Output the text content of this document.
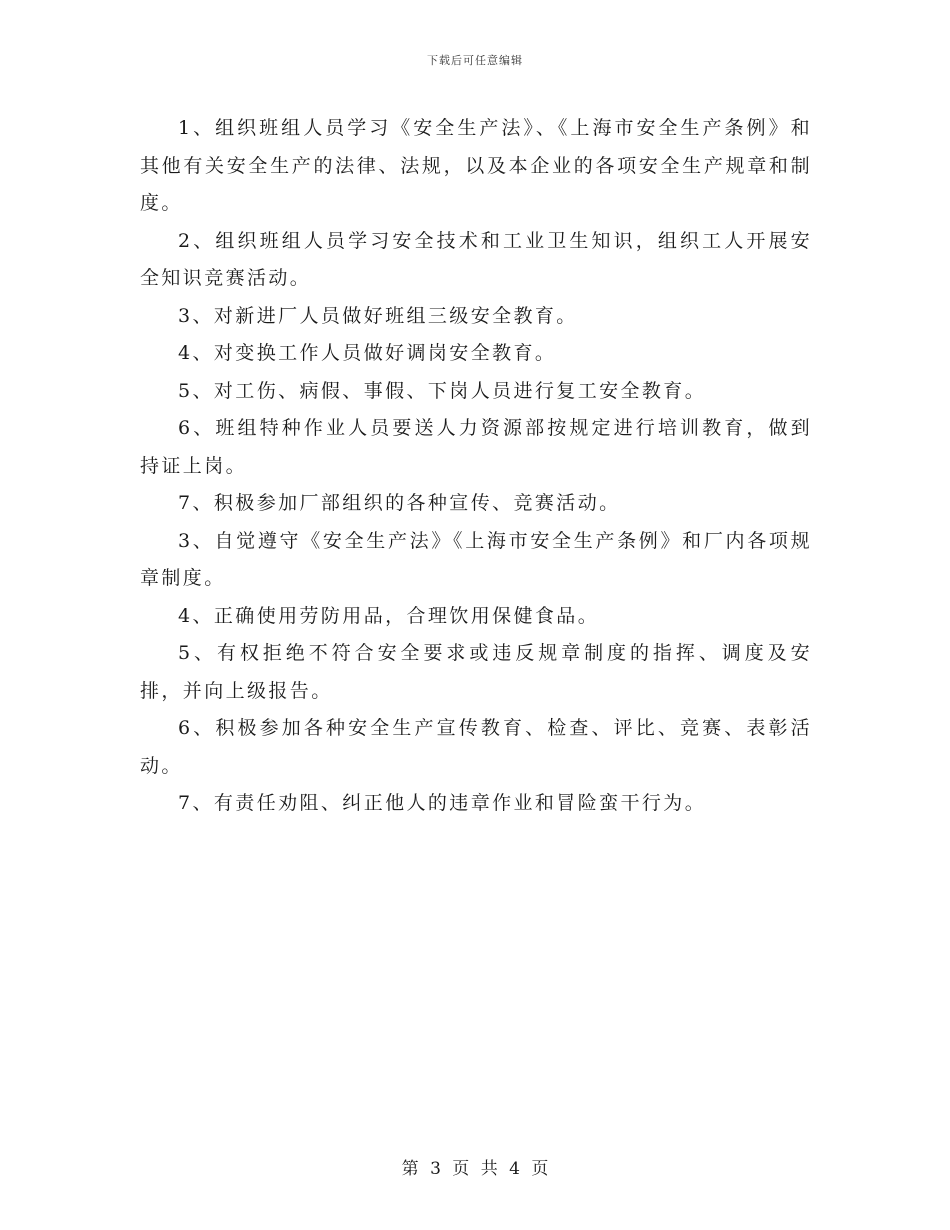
下载后可任意编辑

1、组织班组人员学习《安全生产法》、《上海市安全生产条例》和其他有关安全生产的法律、法规，以及本企业的各项安全生产规章和制度。

2、组织班组人员学习安全技术和工业卫生知识，组织工人开展安全知识竞赛活动。

3、对新进厂人员做好班组三级安全教育。

4、对变换工作人员做好调岗安全教育。

5、对工伤、病假、事假、下岗人员进行复工安全教育。

6、班组特种作业人员要送人力资源部按规定进行培训教育，做到持证上岗。

7、积极参加厂部组织的各种宣传、竞赛活动。

3、自觉遵守《安全生产法》《上海市安全生产条例》和厂内各项规章制度。

4、正确使用劳防用品，合理饮用保健食品。

5、有权拒绝不符合安全要求或违反规章制度的指挥、调度及安排，并向上级报告。

6、积极参加各种安全生产宣传教育、检查、评比、竞赛、表彰活动。

7、有责任劝阻、纠正他人的违章作业和冒险蛮干行为。

第 3 页 共 4 页
